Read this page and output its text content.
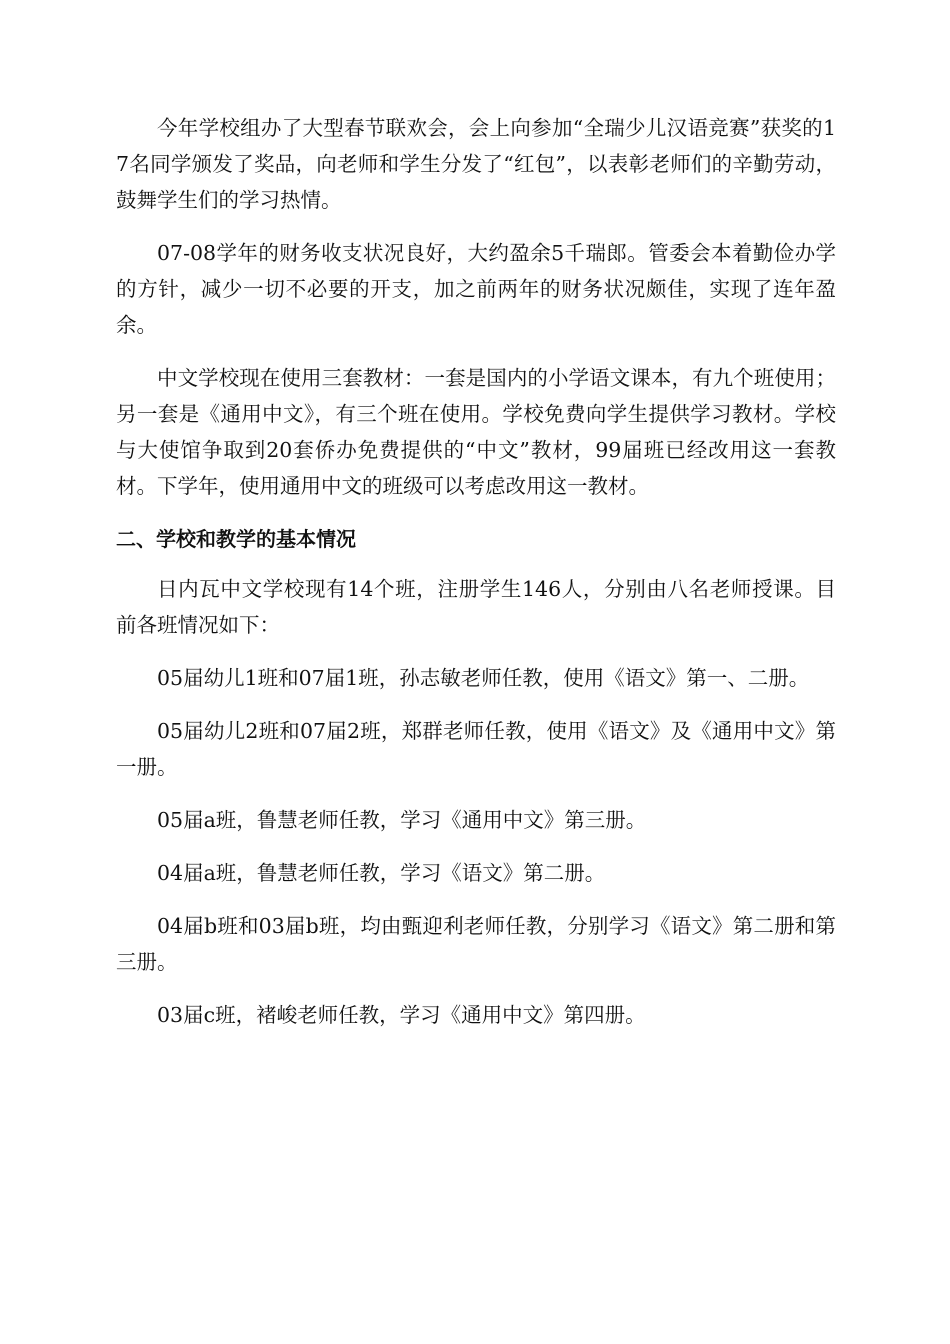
今年学校组办了大型春节联欢会，会上向参加“全瑞少儿汉语竞赛”获奖的17名同学颁发了奖品，向老师和学生分发了“红包”，以表彰老师们的辛勤劳动，鼓舞学生们的学习热情。

07-08学年的财务收支状况良好，大约盈余5千瑞郎。管委会本着勤俭办学的方针，减少一切不必要的开支，加之前两年的财务状况颇佳，实现了连年盈余。

中文学校现在使用三套教材：一套是国内的小学语文课本，有九个班使用；另一套是《通用中文》，有三个班在使用。学校免费向学生提供学习教材。学校与大使馆争取到20套侨办免费提供的“中文”教材，99届班已经改用这一套教材。下学年，使用通用中文的班级可以考虑改用这一教材。

二、学校和教学的基本情况

日内瓦中文学校现有14个班，注册学生146人，分别由八名老师授课。目前各班情况如下：

05届幼儿1班和07届1班，孙志敏老师任教，使用《语文》第一、二册。

05届幼儿2班和07届2班，郑群老师任教，使用《语文》及《通用中文》第一册。

05届a班，鲁慧老师任教，学习《通用中文》第三册。

04届a班，鲁慧老师任教，学习《语文》第二册。

04届b班和03届b班，均由甄迎利老师任教，分别学习《语文》第二册和第三册。

03届c班，褚峻老师任教，学习《通用中文》第四册。
